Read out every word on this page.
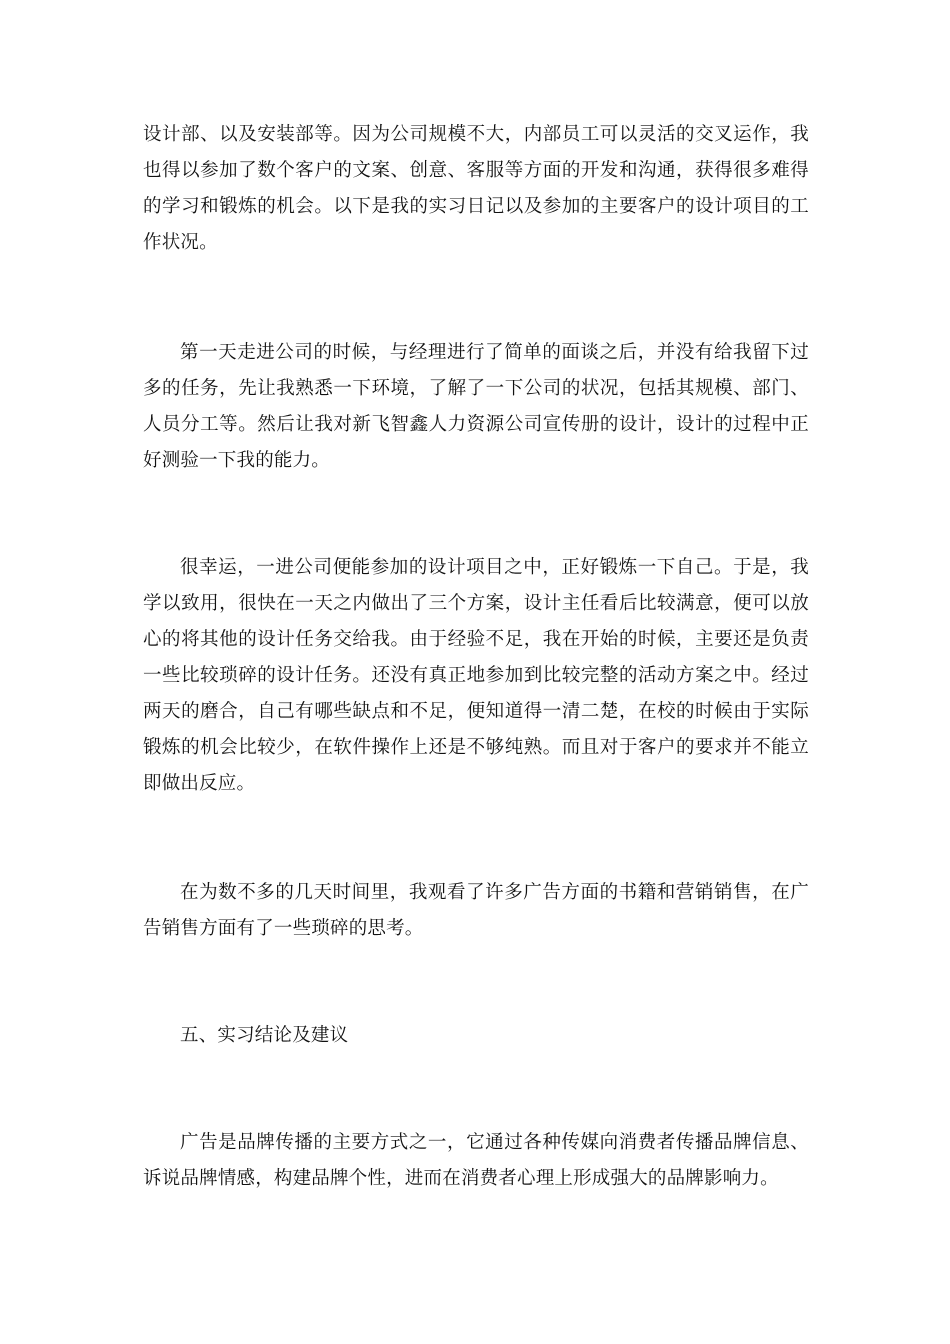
设计部、以及安装部等。因为公司规模不大，内部员工可以灵活的交叉运作，我也得以参加了数个客户的文案、创意、客服等方面的开发和沟通，获得很多难得的学习和锻炼的机会。以下是我的实习日记以及参加的主要客户的设计项目的工作状况。

第一天走进公司的时候，与经理进行了简单的面谈之后，并没有给我留下过多的任务，先让我熟悉一下环境，了解了一下公司的状况，包括其规模、部门、人员分工等。然后让我对新飞智鑫人力资源公司宣传册的设计，设计的过程中正好测验一下我的能力。

很幸运，一进公司便能参加的设计项目之中，正好锻炼一下自己。于是，我学以致用，很快在一天之内做出了三个方案，设计主任看后比较满意，便可以放心的将其他的设计任务交给我。由于经验不足，我在开始的时候，主要还是负责一些比较琐碎的设计任务。还没有真正地参加到比较完整的活动方案之中。经过两天的磨合，自己有哪些缺点和不足，便知道得一清二楚，在校的时候由于实际锻炼的机会比较少，在软件操作上还是不够纯熟。而且对于客户的要求并不能立即做出反应。

在为数不多的几天时间里，我观看了许多广告方面的书籍和营销销售，在广告销售方面有了一些琐碎的思考。

五、实习结论及建议

广告是品牌传播的主要方式之一，它通过各种传媒向消费者传播品牌信息、诉说品牌情感，构建品牌个性，进而在消费者心理上形成强大的品牌影响力。
